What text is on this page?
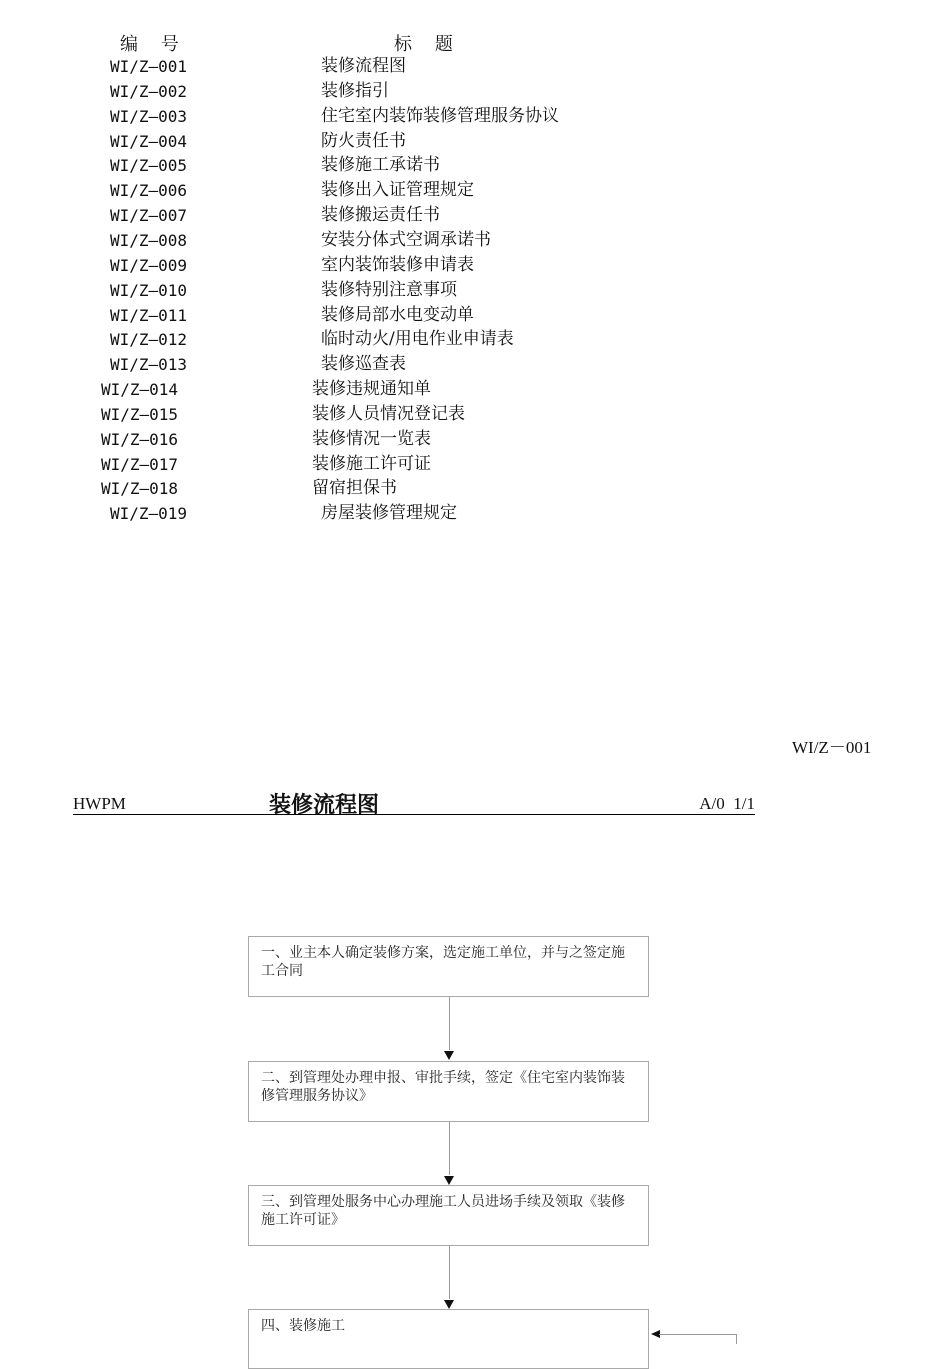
编    号	标    题
WI/Z—001	装修流程图
WI/Z—002	装修指引
WI/Z—003	住宅室内装饰装修管理服务协议
WI/Z—004	防火责任书
WI/Z—005	装修施工承诺书
WI/Z—006	装修出入证管理规定
WI/Z—007	装修搬运责任书
WI/Z—008	安装分体式空调承诺书
WI/Z—009	室内装饰装修申请表
WI/Z—010	装修特别注意事项
WI/Z—011	装修局部水电变动单
WI/Z—012	临时动火/用电作业申请表
WI/Z—013	装修巡查表
WI/Z—014	装修违规通知单
WI/Z—015	装修人员情况登记表
WI/Z—016	装修情况一览表
WI/Z—017	装修施工许可证
WI/Z—018	留宿担保书
WI/Z—019	房屋装修管理规定
WI/Z－001
HWPM	装修流程图	A/0  1/1
一、业主本人确定装修方案，选定施工单位，并与之签定施工合同
二、到管理处办理申报、审批手续，签定《住宅室内装饰装修管理服务协议》
三、到管理处服务中心办理施工人员进场手续及领取《装修施工许可证》
四、装修施工
